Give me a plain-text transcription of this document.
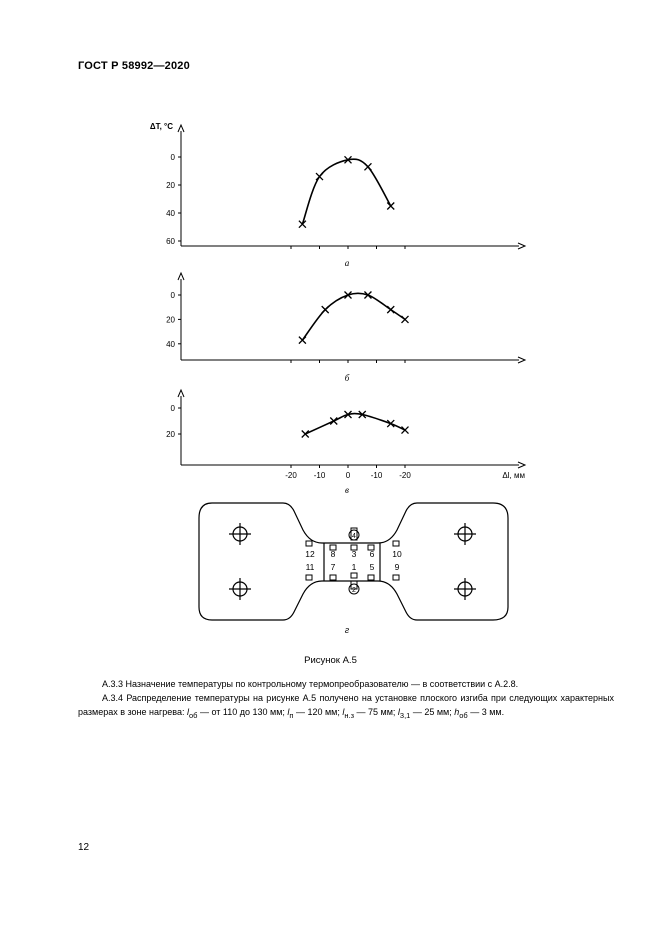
ГОСТ Р 58992—2020
0
20
40
60
ΔT, °C
а
0
20
40
б
0
20
-20 -10	0	-10 -20	Δl, мм
в
12 8 3 6 10
11 7 1 5 9
4
2
г
Рисунок А.5
А.3.3 Назначение температуры по контрольному термопреобразователю — в соответствии с А.2.8.
А.3.4 Распределение температуры на рисунке А.5 получено на установке плоского изгиба при следующих характерных размерах в зоне нагрева: $l_{об}$ — от 110 до 130 мм; $l_п$ — 120 мм; $l_{н.з}$ — 75 мм; $l_{3,1}$ — 25 мм; $h_{об}$ — 3 мм.
12
